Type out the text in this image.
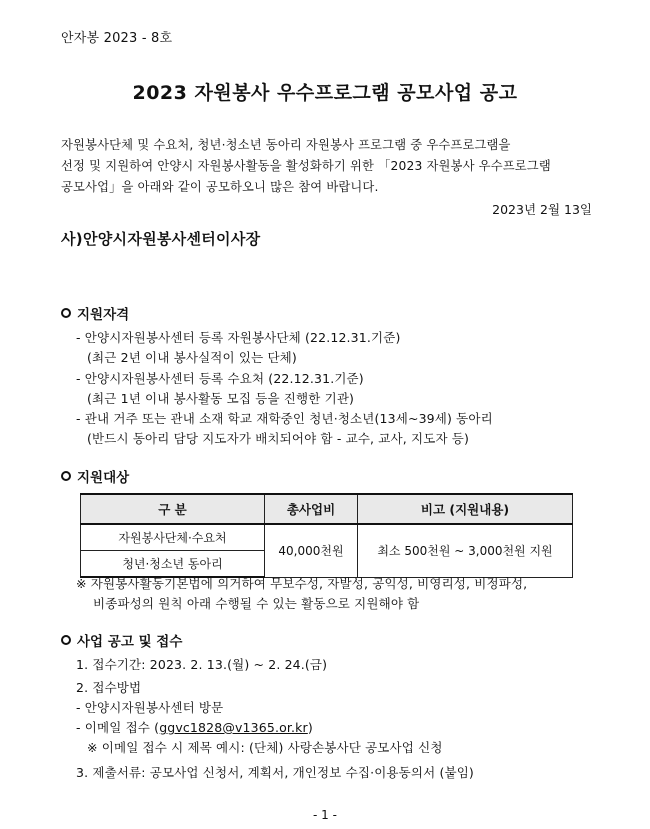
안자봉 2023 - 8호
2023 자원봉사 우수프로그램 공모사업 공고
자원봉사단체 및 수요처, 청년·청소년 동아리 자원봉사 프로그램 중 우수프로그램을
선정 및 지원하여 안양시 자원봉사활동을 활성화하기 위한 「2023 자원봉사 우수프로그램
공모사업」을 아래와 같이 공모하오니 많은 참여 바랍니다.
2023년 2월 13일
사)안양시자원봉사센터이사장
지원자격
- 안양시자원봉사센터 등록 자원봉사단체 (22.12.31.기준)
(최근 2년 이내 봉사실적이 있는 단체)
- 안양시자원봉사센터 등록 수요처 (22.12.31.기준)
(최근 1년 이내 봉사활동 모집 등을 진행한 기관)
- 관내 거주 또는 관내 소재 학교 재학중인 청년·청소년(13세~39세) 동아리
(반드시 동아리 담당 지도자가 배치되어야 함 - 교수, 교사, 지도자 등)
지원대상
구 분	총사업비	비고 (지원내용)
자원봉사단체·수요처	40,000천원	최소 500천원 ~ 3,000천원 지원
청년·청소년 동아리		
※ 자원봉사활동기본법에 의거하여 무보수성, 자발성, 공익성, 비영리성, 비정파성,
비종파성의 원칙 아래 수행될 수 있는 활동으로 지원해야 함
사업 공고 및 접수
1. 접수기간: 2023. 2. 13.(월) ~ 2. 24.(금)
2. 접수방법
- 안양시자원봉사센터 방문
- 이메일 접수 (ggvc1828@v1365.or.kr)
※ 이메일 접수 시 제목 예시: (단체) 사랑손봉사단 공모사업 신청
3. 제출서류: 공모사업 신청서, 계획서, 개인정보 수집·이용동의서 (붙임)
- 1 -
